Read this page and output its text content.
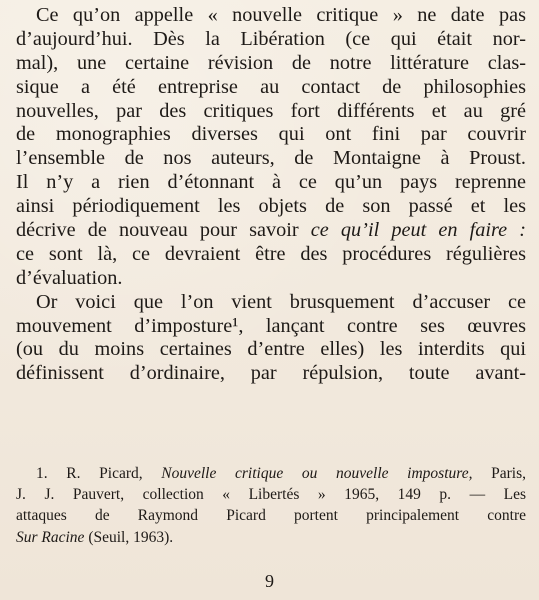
Ce qu’on appelle « nouvelle critique » ne date pas
d’aujourd’hui. Dès la Libération (ce qui était nor-
mal), une certaine révision de notre littérature clas-
sique a été entreprise au contact de philosophies
nouvelles, par des critiques fort différents et au gré
de monographies diverses qui ont fini par couvrir
l’ensemble de nos auteurs, de Montaigne à Proust.
Il n’y a rien d’étonnant à ce qu’un pays reprenne
ainsi périodiquement les objets de son passé et les
décrive de nouveau pour savoir ce qu’il peut en faire :
ce sont là, ce devraient être des procédures régulières
d’évaluation.
Or voici que l’on vient brusquement d’accuser ce
mouvement d’imposture¹, lançant contre ses œuvres
(ou du moins certaines d’entre elles) les interdits qui
définissent d’ordinaire, par répulsion, toute avant-
1. R. Picard, Nouvelle critique ou nouvelle imposture, Paris,
J. J. Pauvert, collection « Libertés » 1965, 149 p. — Les
attaques de Raymond Picard portent principalement contre
Sur Racine (Seuil, 1963).
9
